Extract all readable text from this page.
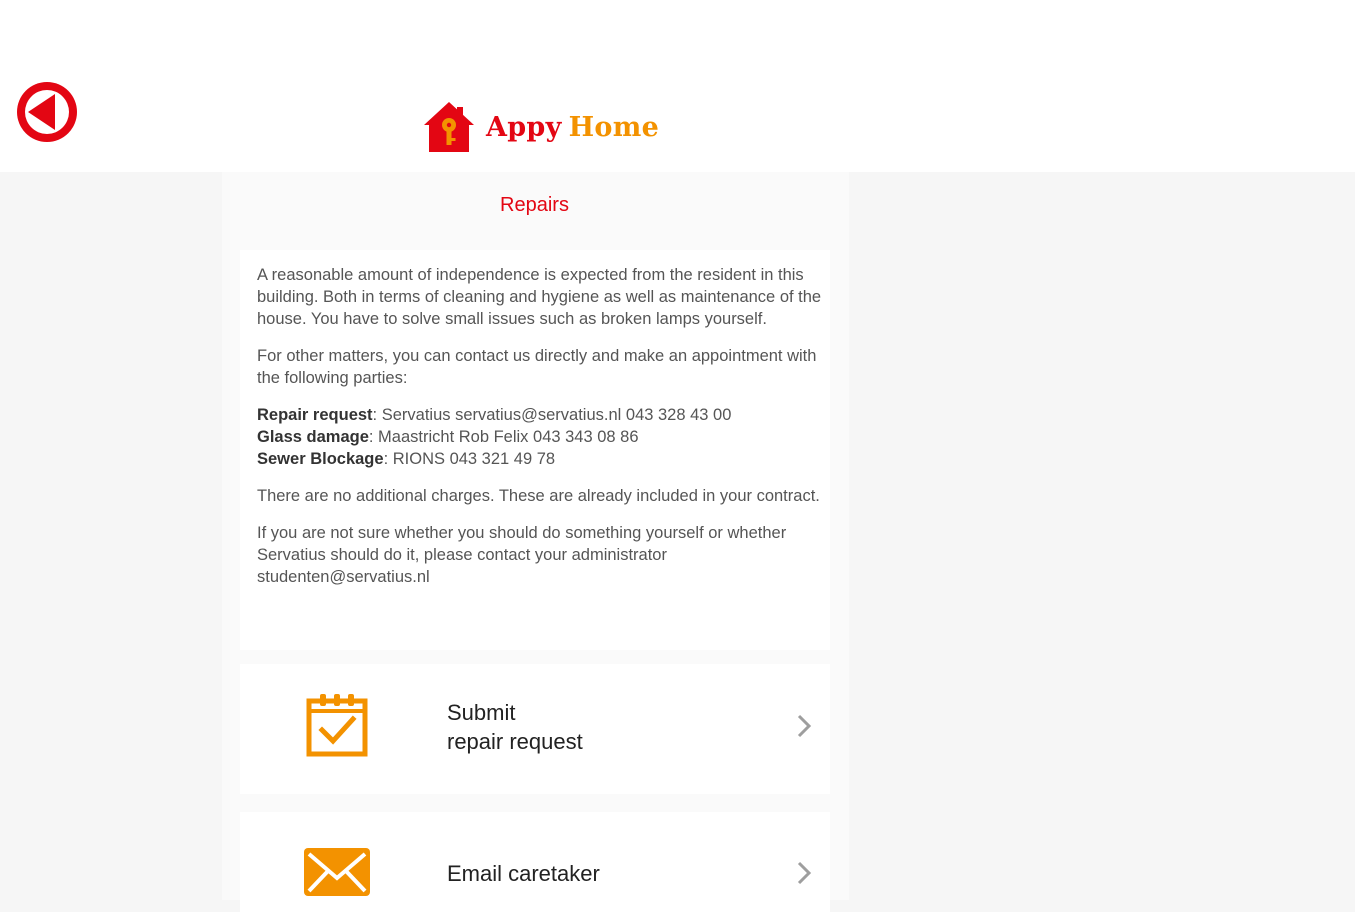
Appy Home
Repairs

A reasonable amount of independence is expected from the resident in this building. Both in terms of cleaning and hygiene as well as maintenance of the house. You have to solve small issues such as broken lamps yourself.

For other matters, you can contact us directly and make an appointment with the following parties:

Repair request: Servatius servatius@servatius.nl 043 328 43 00
Glass damage: Maastricht Rob Felix 043 343 08 86
Sewer Blockage: RIONS 043 321 49 78

There are no additional charges. These are already included in your contract.

If you are not sure whether you should do something yourself or whether Servatius should do it, please contact your administrator studenten@servatius.nl

Submit
repair request
Email caretaker
